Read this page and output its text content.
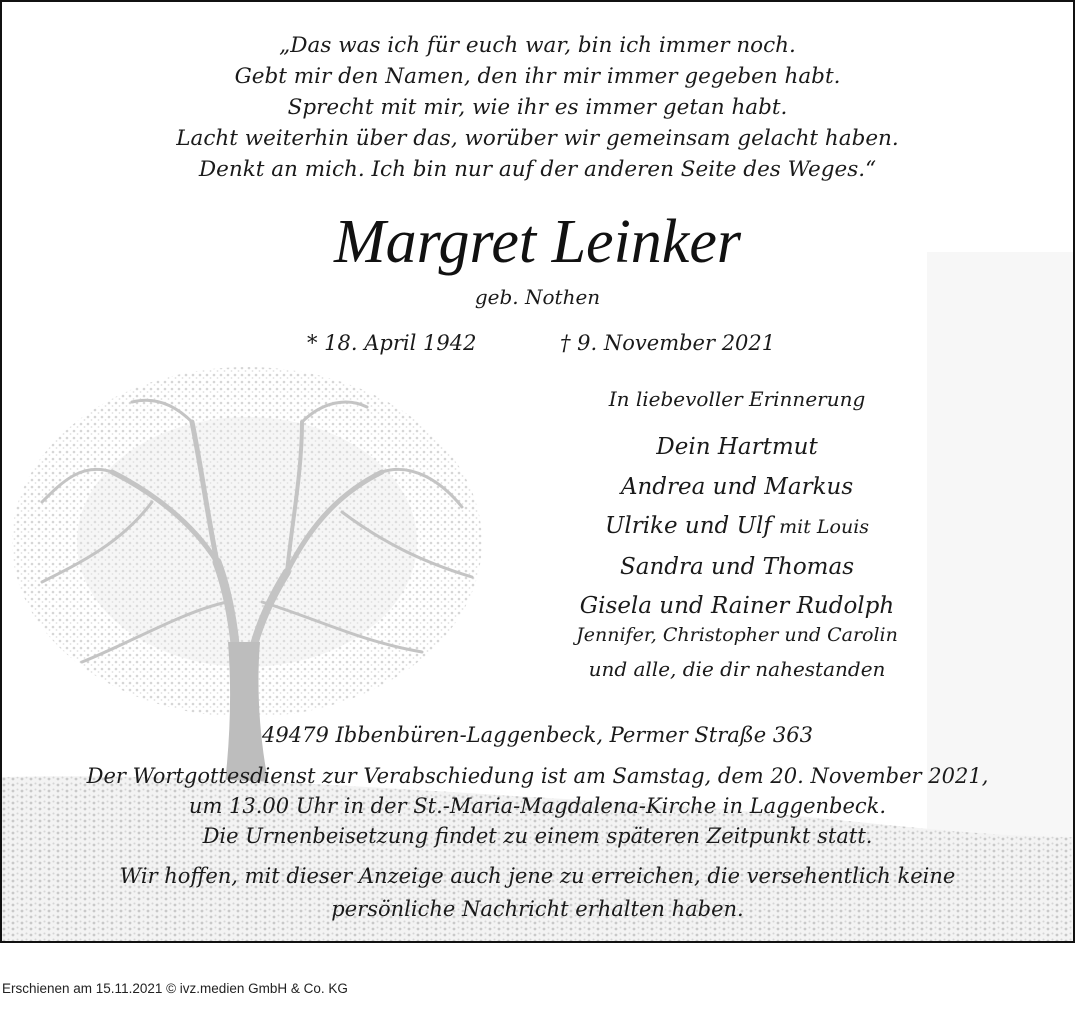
„Das was ich für euch war, bin ich immer noch.
Gebt mir den Namen, den ihr mir immer gegeben habt.
Sprecht mit mir, wie ihr es immer getan habt.
Lacht weiterhin über das, worüber wir gemeinsam gelacht haben.
Denkt an mich. Ich bin nur auf der anderen Seite des Weges.“
Margret Leinker
geb. Nothen
* 18. April 1942	† 9. November 2021
In liebevoller Erinnerung
Dein Hartmut
Andrea und Markus
Ulrike und Ulf mit Louis
Sandra und Thomas
Gisela und Rainer Rudolph
Jennifer, Christopher und Carolin
und alle, die dir nahestanden
49479 Ibbenbüren-Laggenbeck, Permer Straße 363
Der Wortgottesdienst zur Verabschiedung ist am Samstag, dem 20. November 2021,
um 13.00 Uhr in der St.-Maria-Magdalena-Kirche in Laggenbeck.
Die Urnenbeisetzung findet zu einem späteren Zeitpunkt statt.
Wir hoffen, mit dieser Anzeige auch jene zu erreichen, die versehentlich keine
persönliche Nachricht erhalten haben.
Erschienen am 15.11.2021 © ivz.medien GmbH & Co. KG
